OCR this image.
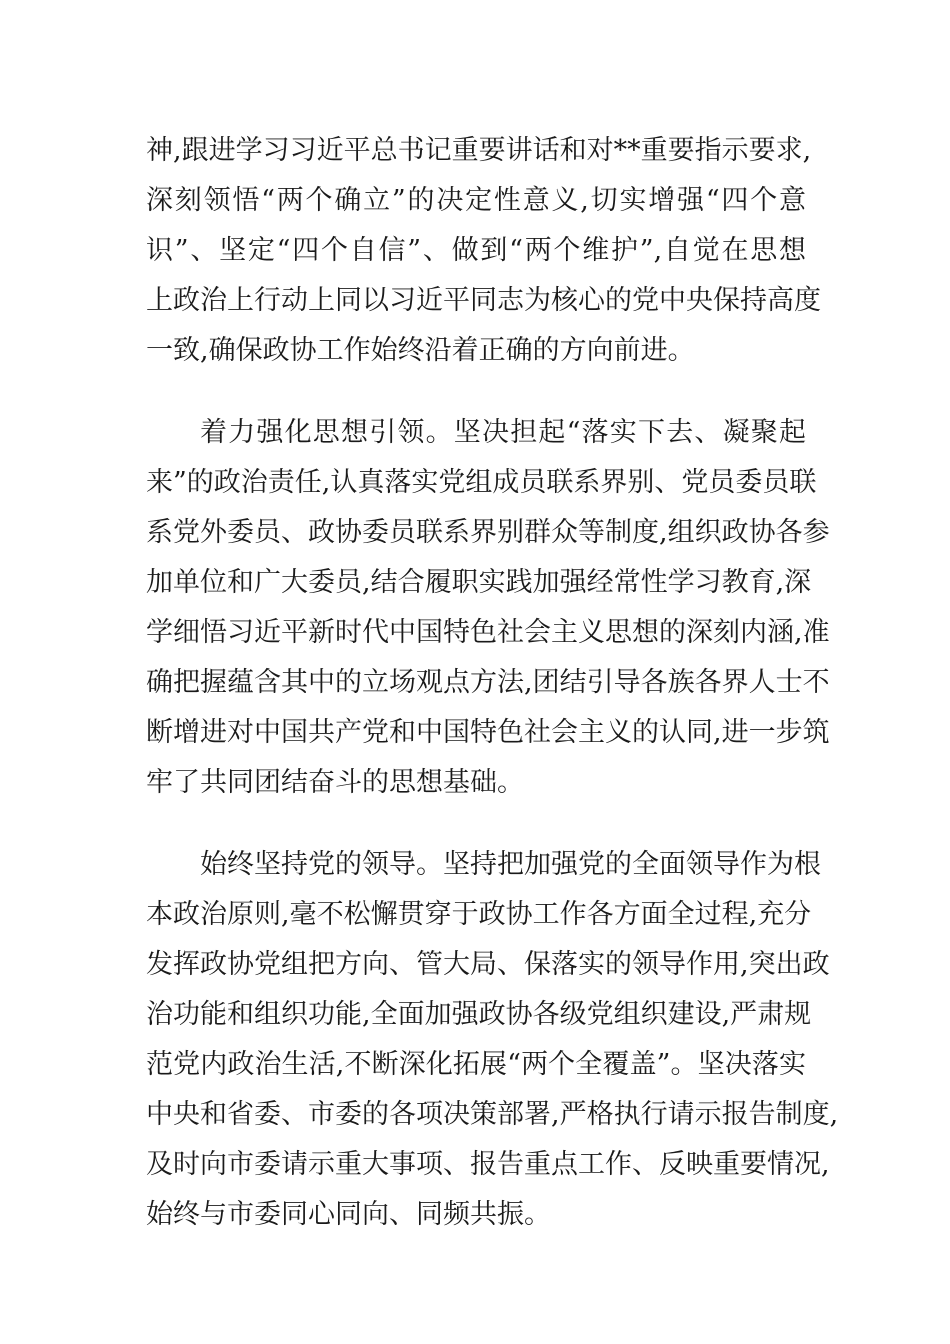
神,跟进学习习近平总书记重要讲话和对**重要指示要求,
深刻领悟“两个确立”的决定性意义,切实增强“四个意
识”、坚定“四个自信”、做到“两个维护”,自觉在思想
上政治上行动上同以习近平同志为核心的党中央保持高度
一致,确保政协工作始终沿着正确的方向前进。
着力强化思想引领。坚决担起“落实下去、凝聚起
来”的政治责任,认真落实党组成员联系界别、党员委员联
系党外委员、政协委员联系界别群众等制度,组织政协各参
加单位和广大委员,结合履职实践加强经常性学习教育,深
学细悟习近平新时代中国特色社会主义思想的深刻内涵,准
确把握蕴含其中的立场观点方法,团结引导各族各界人士不
断增进对中国共产党和中国特色社会主义的认同,进一步筑
牢了共同团结奋斗的思想基础。
始终坚持党的领导。坚持把加强党的全面领导作为根
本政治原则,毫不松懈贯穿于政协工作各方面全过程,充分
发挥政协党组把方向、管大局、保落实的领导作用,突出政
治功能和组织功能,全面加强政协各级党组织建设,严肃规
范党内政治生活,不断深化拓展“两个全覆盖”。坚决落实
中央和省委、市委的各项决策部署,严格执行请示报告制度,
及时向市委请示重大事项、报告重点工作、反映重要情况,
始终与市委同心同向、同频共振。
